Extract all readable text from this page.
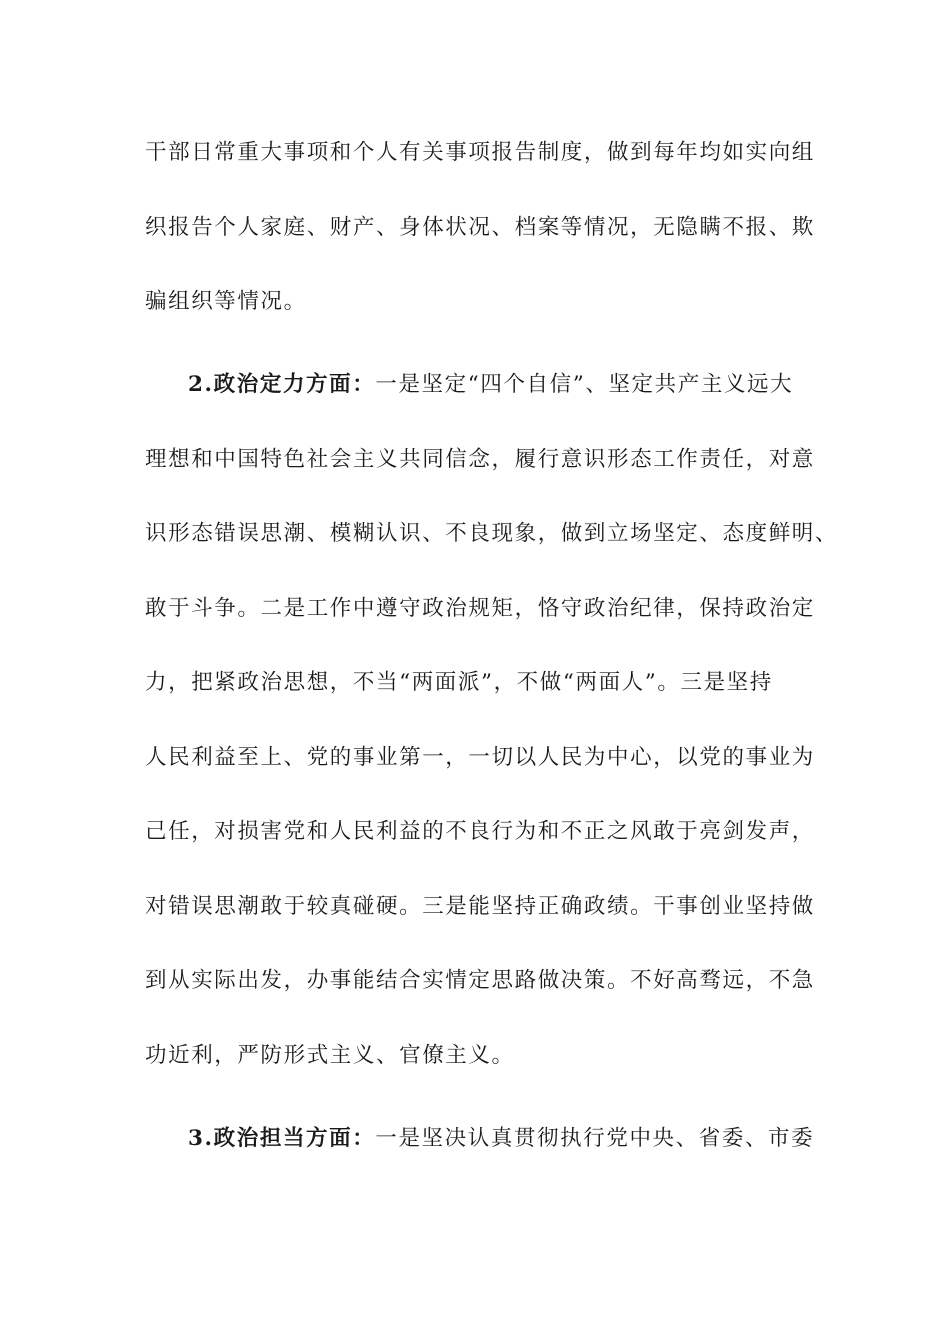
干部日常重大事项和个人有关事项报告制度，做到每年均如实向组
织报告个人家庭、财产、身体状况、档案等情况，无隐瞒不报、欺
骗组织等情况。
2.政治定力方面：一是坚定“四个自信”、坚定共产主义远大
理想和中国特色社会主义共同信念，履行意识形态工作责任，对意
识形态错误思潮、模糊认识、不良现象，做到立场坚定、态度鲜明、
敢于斗争。二是工作中遵守政治规矩，恪守政治纪律，保持政治定
力，把紧政治思想，不当“两面派”，不做“两面人”。三是坚持
人民利益至上、党的事业第一，一切以人民为中心，以党的事业为
己任，对损害党和人民利益的不良行为和不正之风敢于亮剑发声，
对错误思潮敢于较真碰硬。三是能坚持正确政绩。干事创业坚持做
到从实际出发，办事能结合实情定思路做决策。不好高骛远，不急
功近利，严防形式主义、官僚主义。
3.政治担当方面：一是坚决认真贯彻执行党中央、省委、市委
